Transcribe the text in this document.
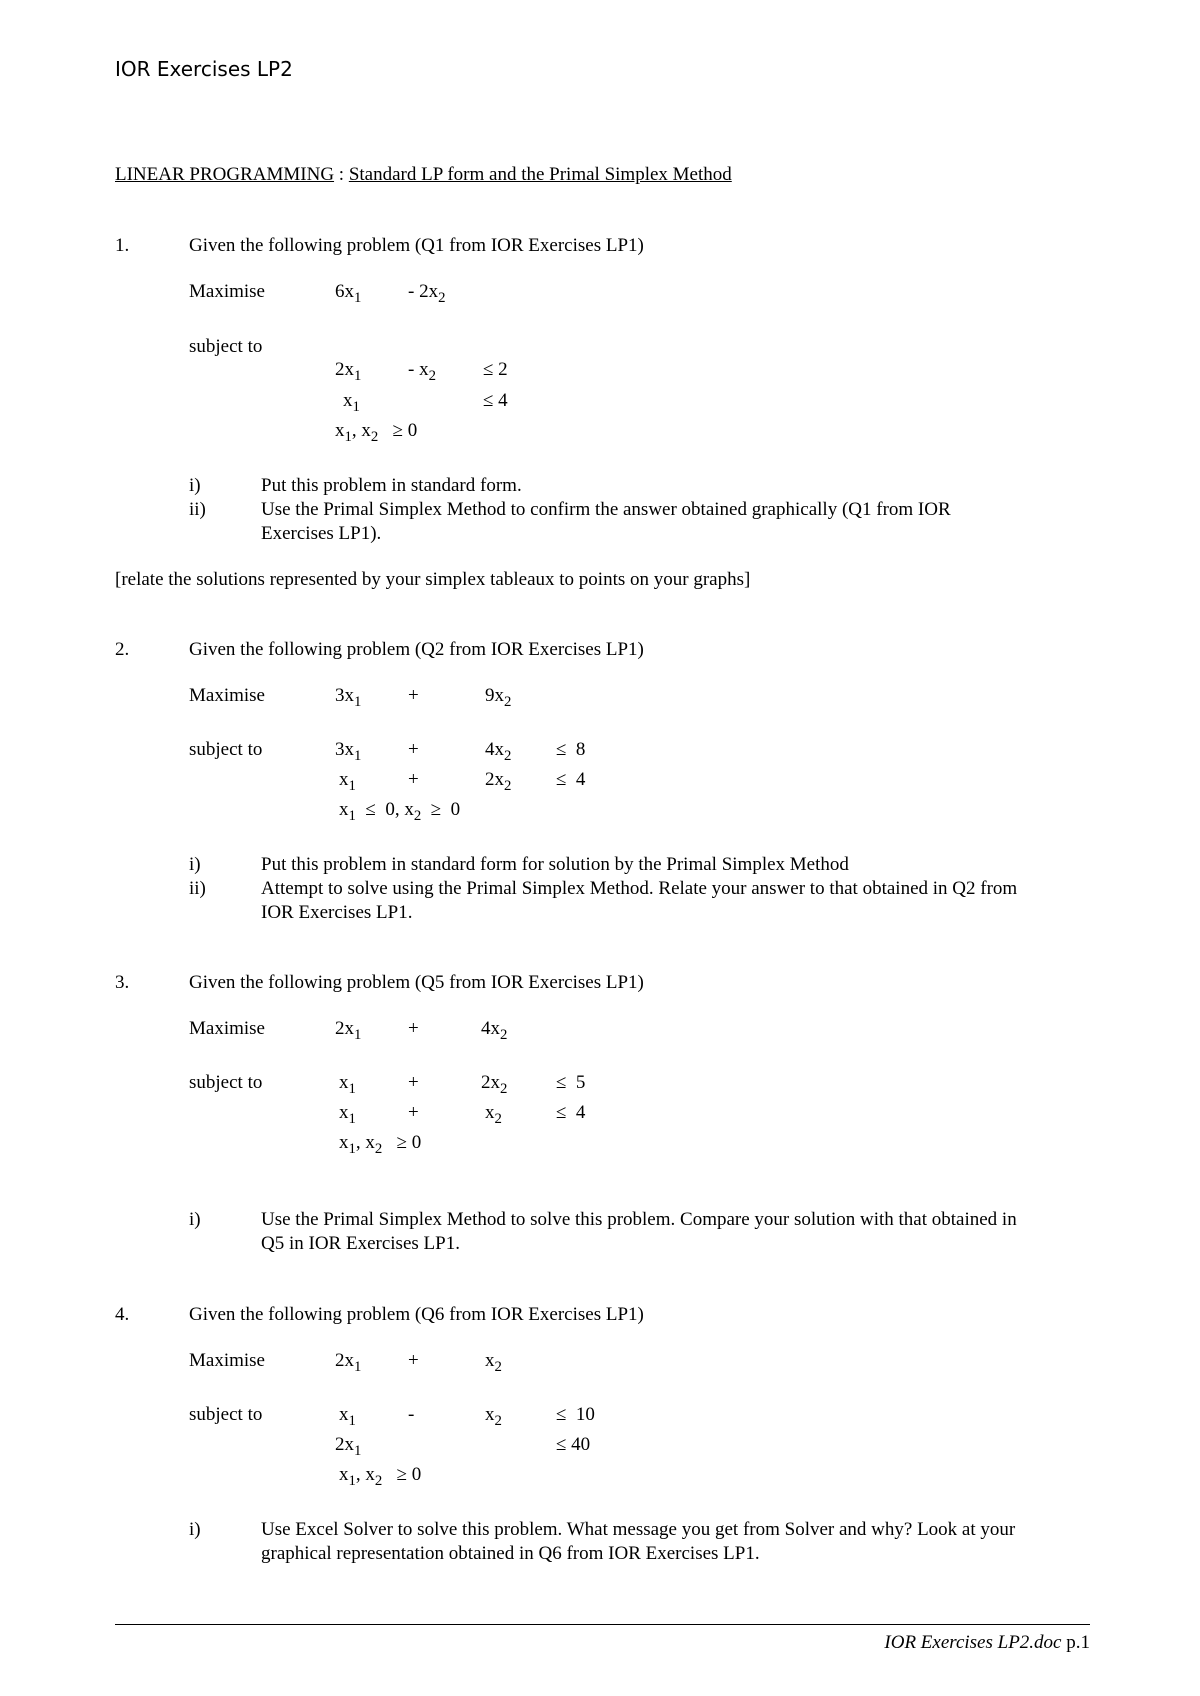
IOR Exercises LP2
LINEAR PROGRAMMING : Standard LP form and the Primal Simplex Method
1.	Given the following problem (Q1 from IOR Exercises LP1)
Maximise	$6x_1 - 2x_2$
subject to
$2x_1 - x_2 \le 2$
$x_1$	≤ 4
$x_1$, $x_2 \ge 0$
i)	Put this problem in standard form.
ii)	Use the Primal Simplex Method to confirm the answer obtained graphically (Q1 from IOR
Exercises LP1).
[relate the solutions represented by your simplex tableaux to points on your graphs]
2.	Given the following problem (Q2 from IOR Exercises LP1)
Maximise	$3x_1$ +	$9x_2$
subject to	$3x_1$ +	$4x_2 \le 8$
$x_1$	+	$2x_2 \le 4$
$x_1 \le 0$, $x_2 \ge 0$
i)	Put this problem in standard form for solution by the Primal Simplex Method
ii)	Attempt to solve using the Primal Simplex Method. Relate your answer to that obtained in Q2 from
IOR Exercises LP1.
3.	Given the following problem (Q5 from IOR Exercises LP1)
Maximise	$2x_1$ +	$4x_2$
subject to	$x_1$	+	$2x_2$	≤  5
$x_1$	+	$x_2$	≤  4
$x_1$, $x_2 \ge 0$
i)	Use the Primal Simplex Method to solve this problem. Compare your solution with that obtained in
Q5 in IOR Exercises LP1.
4.	Given the following problem (Q6 from IOR Exercises LP1)
Maximise	$2x_1$ +	$x_2$
subject to	$x_1$	-	$x_2$	≤  10
$2x_1$	≤ 40
$x_1$, $x_2 \ge 0$
i)	Use Excel Solver to solve this problem. What message you get from Solver and why? Look at your
graphical representation obtained in Q6 from IOR Exercises LP1.
IOR Exercises LP2.doc p.1
